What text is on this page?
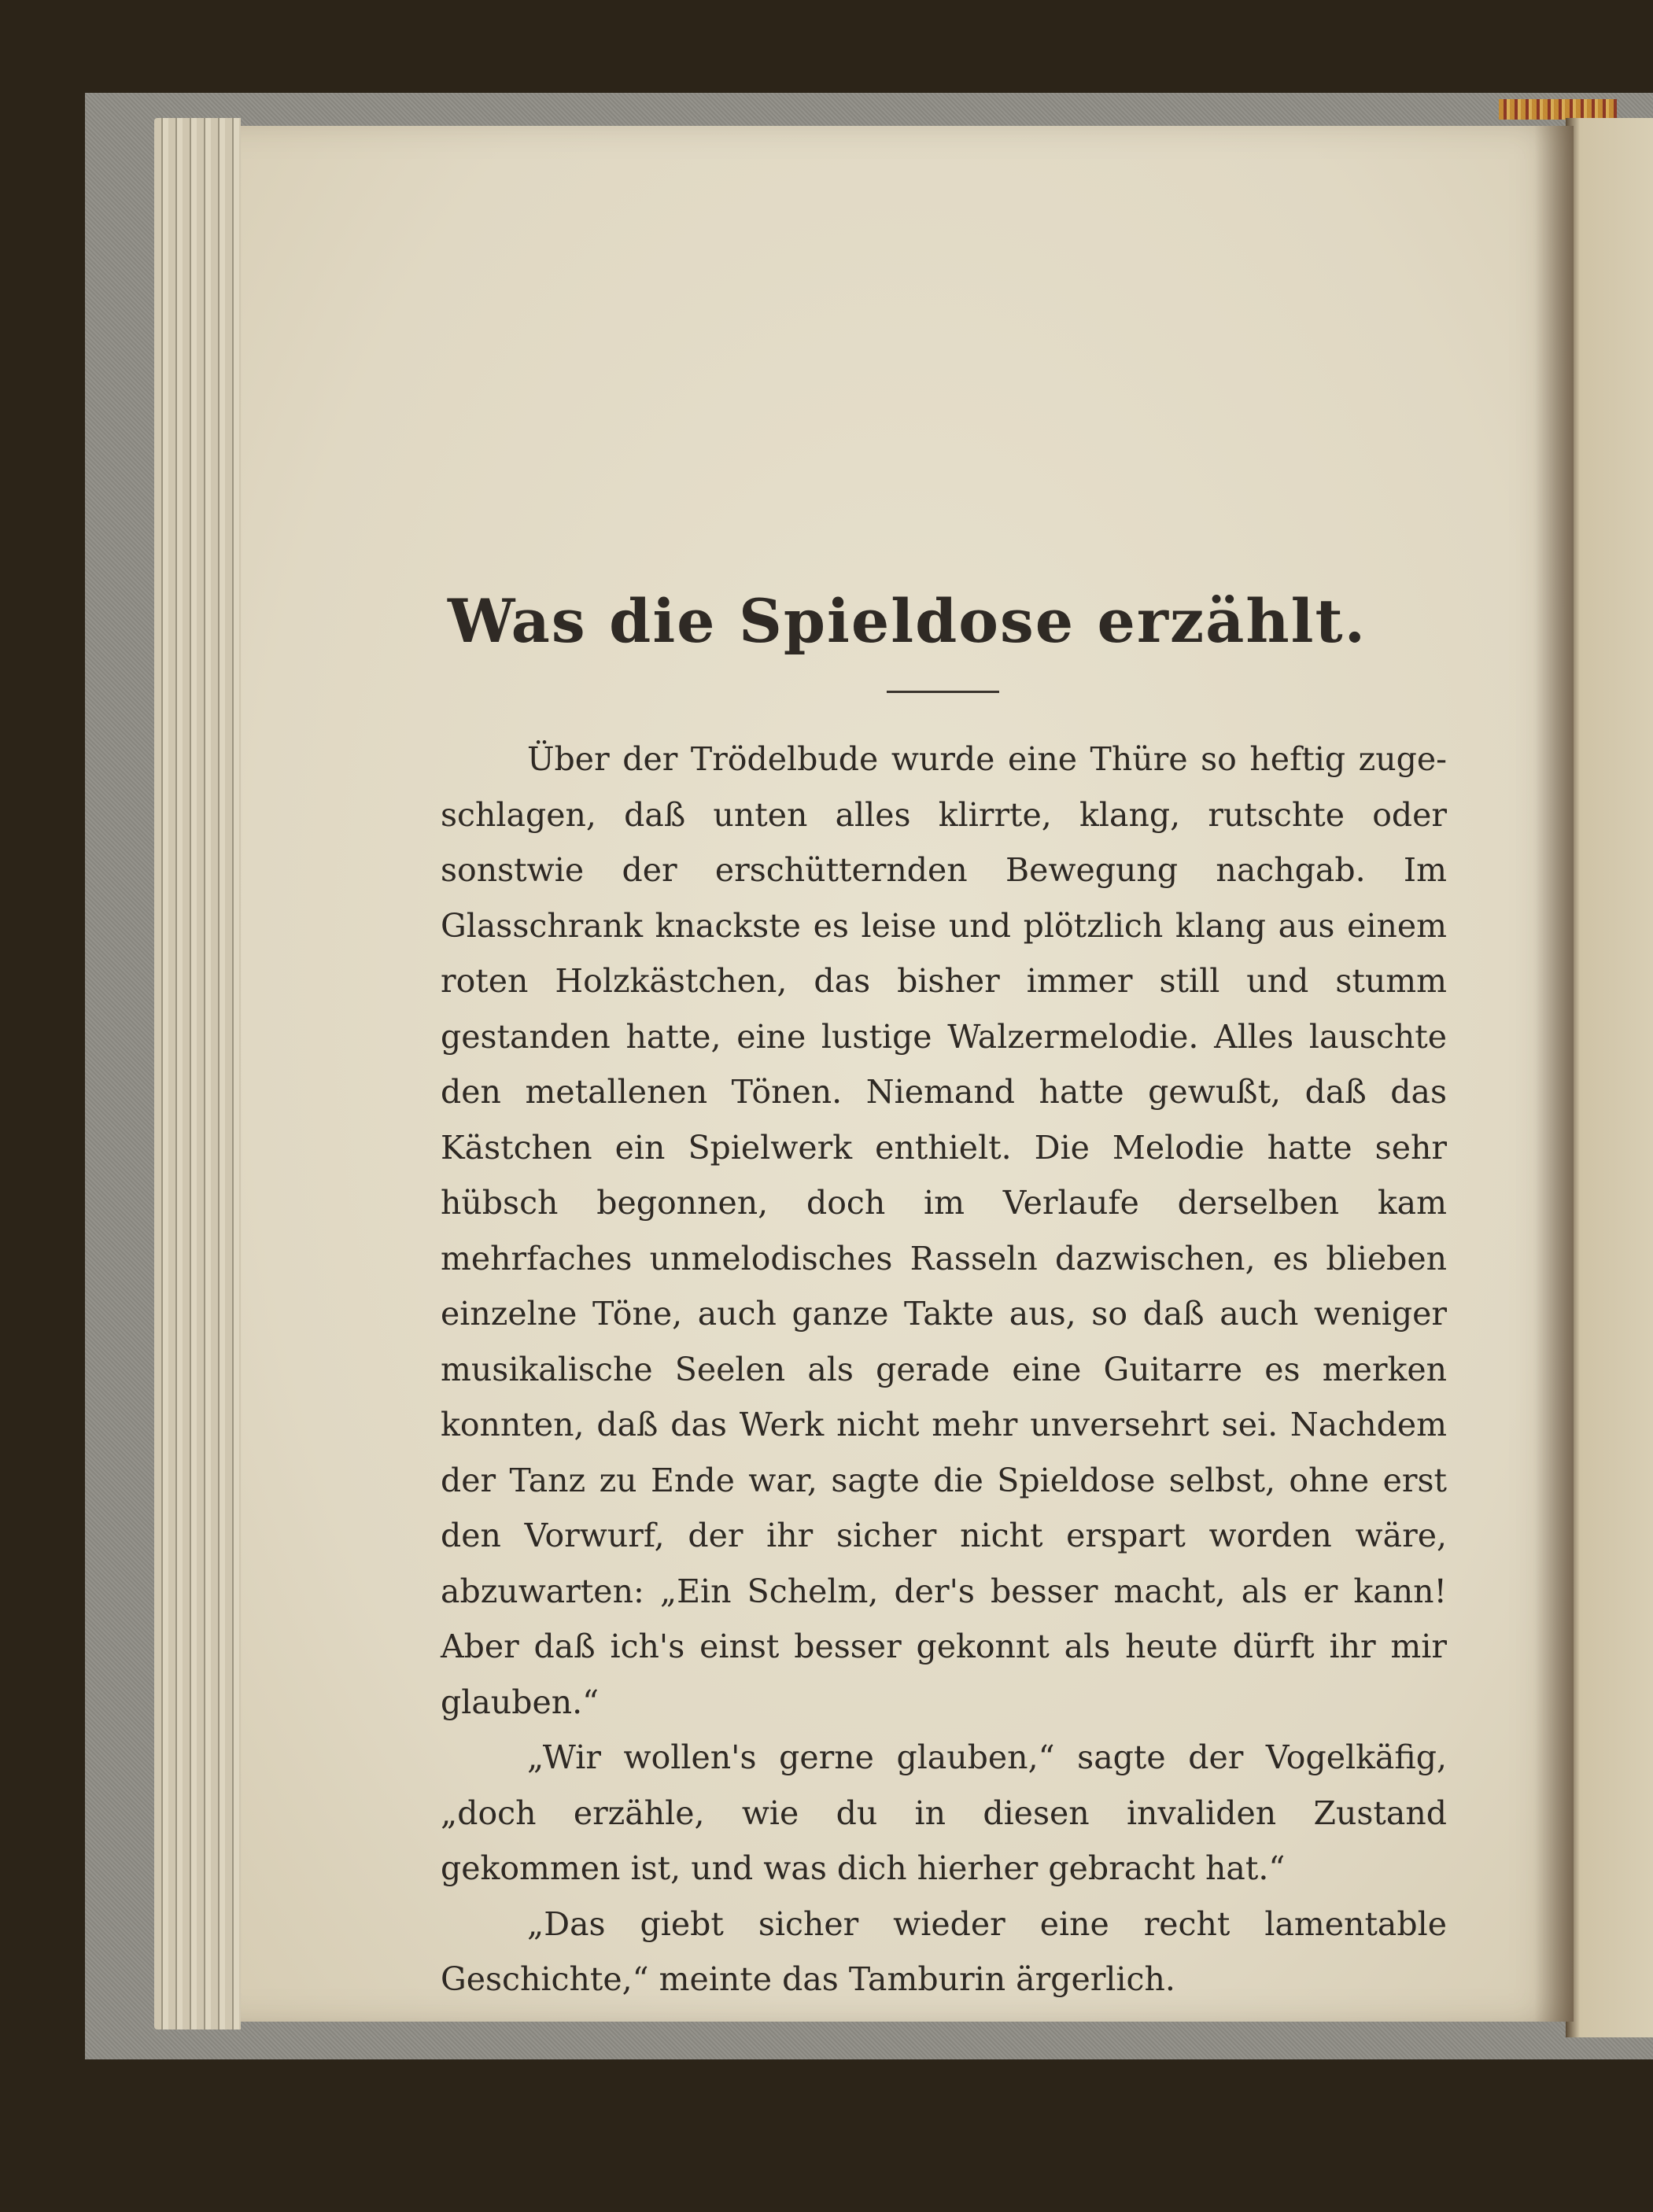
Was die Spieldose erzählt.

Über der Trödelbude wurde eine Thüre so heftig zuge-schlagen, daß unten alles klirrte, klang, rutschte oder sonstwie der erschütternden Bewegung nachgab. Im Glasschrank knackste es leise und plötzlich klang aus einem roten Holzkästchen, das bisher immer still und stumm gestanden hatte, eine lustige Walzermelodie. Alles lauschte den metallenen Tönen. Niemand hatte gewußt, daß das Kästchen ein Spielwerk enthielt. Die Melodie hatte sehr hübsch begonnen, doch im Verlaufe derselben kam mehrfaches unmelodisches Rasseln dazwischen, es blieben einzelne Töne, auch ganze Takte aus, so daß auch weniger musikalische Seelen als gerade eine Guitarre es merken konnten, daß das Werk nicht mehr unversehrt sei. Nachdem der Tanz zu Ende war, sagte die Spieldose selbst, ohne erst den Vorwurf, der ihr sicher nicht erspart worden wäre, abzuwarten: „Ein Schelm, der's besser macht, als er kann! Aber daß ich's einst besser gekonnt als heute dürft ihr mir glauben.“

„Wir wollen's gerne glauben,“ sagte der Vogelkäfig, „doch erzähle, wie du in diesen invaliden Zustand gekommen ist, und was dich hierher gebracht hat.“

„Das giebt sicher wieder eine recht lamentable Geschichte,“ meinte das Tamburin ärgerlich.
